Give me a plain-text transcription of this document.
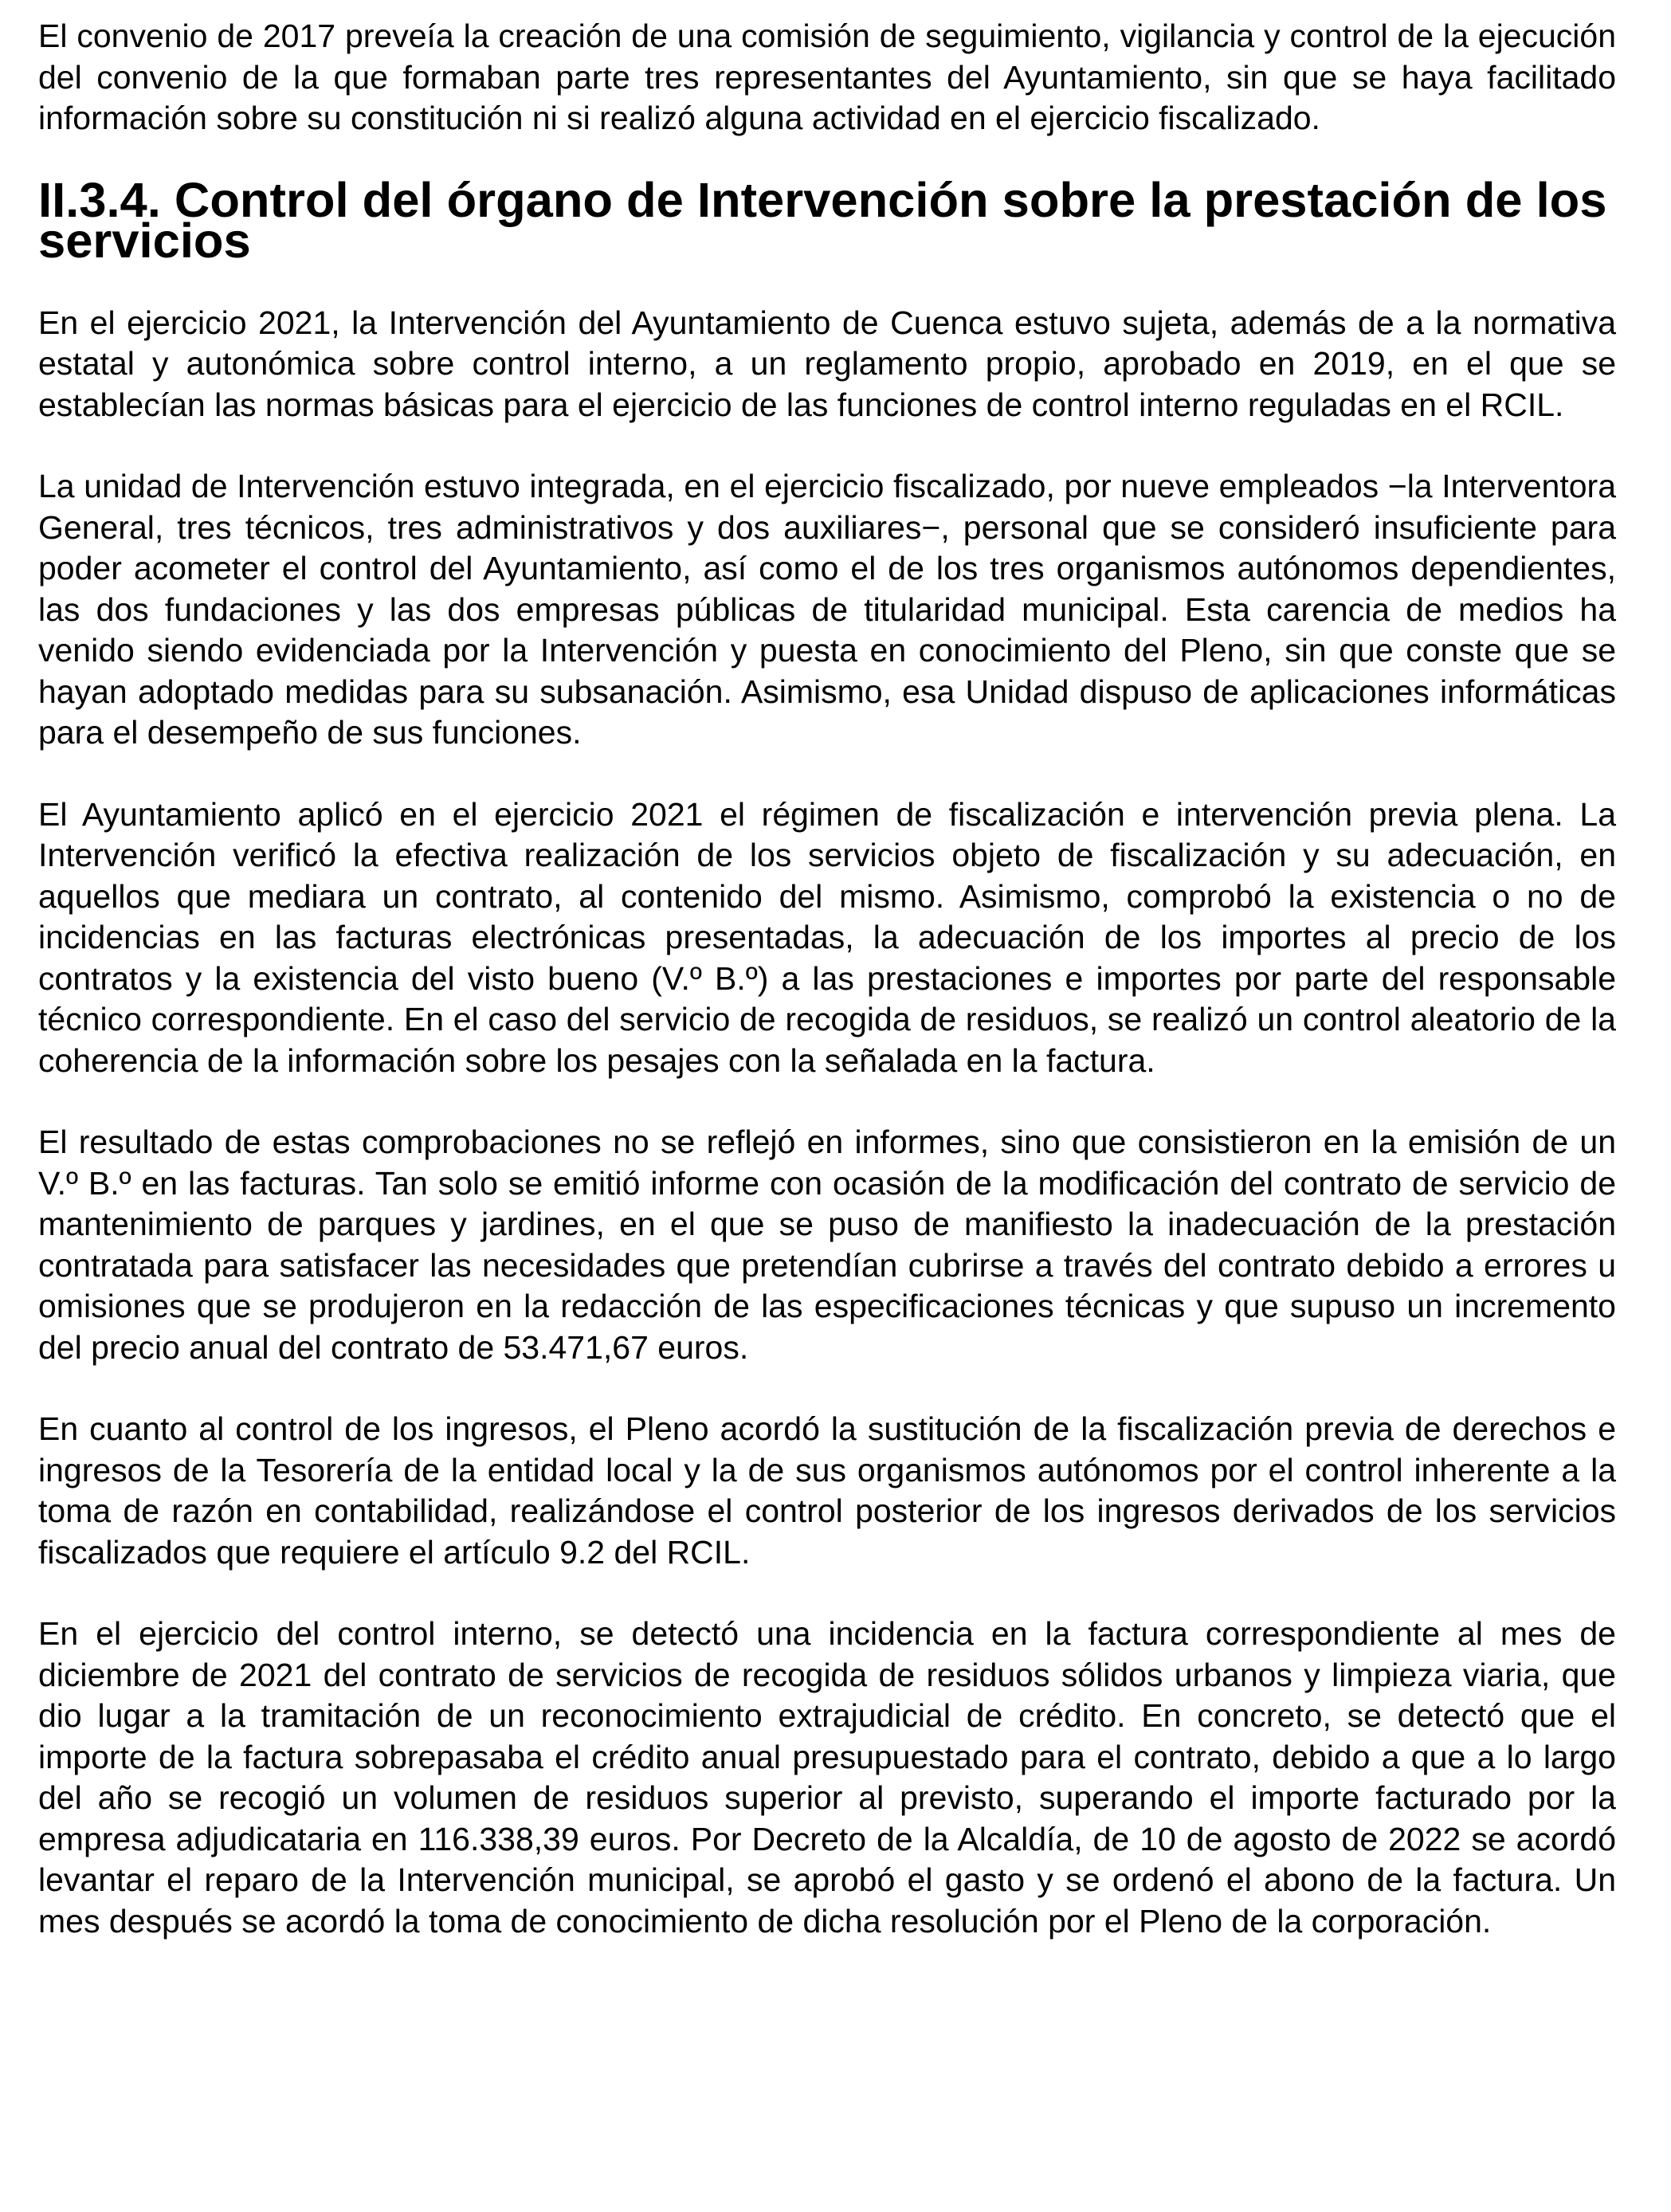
El convenio de 2017 preveía la creación de una comisión de seguimiento, vigilancia y control de la ejecución del convenio de la que formaban parte tres representantes del Ayuntamiento, sin que se haya facilitado información sobre su constitución ni si realizó alguna actividad en el ejercicio fiscalizado.

II.3.4. Control del órgano de Intervención sobre la prestación de los servicios

En el ejercicio 2021, la Intervención del Ayuntamiento de Cuenca estuvo sujeta, además de a la normativa estatal y autonómica sobre control interno, a un reglamento propio, aprobado en 2019, en el que se establecían las normas básicas para el ejercicio de las funciones de control interno reguladas en el RCIL.

La unidad de Intervención estuvo integrada, en el ejercicio fiscalizado, por nueve empleados −la Interventora General, tres técnicos, tres administrativos y dos auxiliares−, personal que se consideró insuficiente para poder acometer el control del Ayuntamiento, así como el de los tres organismos autónomos dependientes, las dos fundaciones y las dos empresas públicas de titularidad municipal. Esta carencia de medios ha venido siendo evidenciada por la Intervención y puesta en conocimiento del Pleno, sin que conste que se hayan adoptado medidas para su subsanación. Asimismo, esa Unidad dispuso de aplicaciones informáticas para el desempeño de sus funciones.

El Ayuntamiento aplicó en el ejercicio 2021 el régimen de fiscalización e intervención previa plena. La Intervención verificó la efectiva realización de los servicios objeto de fiscalización y su adecuación, en aquellos que mediara un contrato, al contenido del mismo. Asimismo, comprobó la existencia o no de incidencias en las facturas electrónicas presentadas, la adecuación de los importes al precio de los contratos y la existencia del visto bueno (V.º B.º) a las prestaciones e importes por parte del responsable técnico correspondiente. En el caso del servicio de recogida de residuos, se realizó un control aleatorio de la coherencia de la información sobre los pesajes con la señalada en la factura.

El resultado de estas comprobaciones no se reflejó en informes, sino que consistieron en la emisión de un V.º B.º en las facturas. Tan solo se emitió informe con ocasión de la modificación del contrato de servicio de mantenimiento de parques y jardines, en el que se puso de manifiesto la inadecuación de la prestación contratada para satisfacer las necesidades que pretendían cubrirse a través del contrato debido a errores u omisiones que se produjeron en la redacción de las especificaciones técnicas y que supuso un incremento del precio anual del contrato de 53.471,67 euros.

En cuanto al control de los ingresos, el Pleno acordó la sustitución de la fiscalización previa de derechos e ingresos de la Tesorería de la entidad local y la de sus organismos autónomos por el control inherente a la toma de razón en contabilidad, realizándose el control posterior de los ingresos derivados de los servicios fiscalizados que requiere el artículo 9.2 del RCIL.

En el ejercicio del control interno, se detectó una incidencia en la factura correspondiente al mes de diciembre de 2021 del contrato de servicios de recogida de residuos sólidos urbanos y limpieza viaria, que dio lugar a la tramitación de un reconocimiento extrajudicial de crédito. En concreto, se detectó que el importe de la factura sobrepasaba el crédito anual presupuestado para el contrato, debido a que a lo largo del año se recogió un volumen de residuos superior al previsto, superando el importe facturado por la empresa adjudicataria en 116.338,39 euros. Por Decreto de la Alcaldía, de 10 de agosto de 2022 se acordó levantar el reparo de la Intervención municipal, se aprobó el gasto y se ordenó el abono de la factura. Un mes después se acordó la toma de conocimiento de dicha resolución por el Pleno de la corporación.
